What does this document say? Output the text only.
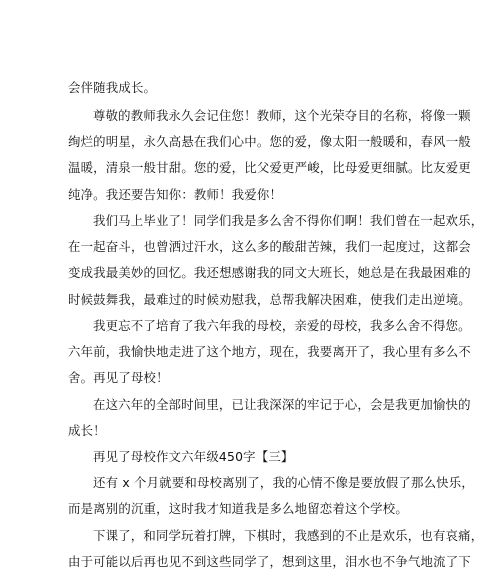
会伴随我成长。
尊敬的教师我永久会记住您！教师，这个光荣夺目的名称，将像一颗
绚烂的明星，永久高悬在我们心中。您的爱，像太阳一般暖和，春风一般
温暖，清泉一般甘甜。您的爱，比父爱更严峻，比母爱更细腻。比友爱更
纯净。我还要告知你：教师！我爱你！
我们马上毕业了！同学们我是多么舍不得你们啊！我们曾在一起欢乐，
在一起奋斗，也曾洒过汗水，这么多的酸甜苦辣，我们一起度过，这都会
变成我最美妙的回忆。我还想感谢我的同文大班长，她总是在我最困难的
时候鼓舞我，最难过的时候劝慰我，总帮我解决困难，使我们走出逆境。
我更忘不了培育了我六年我的母校，亲爱的母校，我多么舍不得您。
六年前，我愉快地走进了这个地方，现在，我要离开了，我心里有多么不
舍。再见了母校！
在这六年的全部时间里，已让我深深的牢记于心，会是我更加愉快的
成长！
再见了母校作文六年级450字【三】
还有 x 个月就要和母校离别了，我的心情不像是要放假了那么快乐，
而是离别的沉重，这时我才知道我是多么地留恋着这个学校。
下课了，和同学玩着打牌，下棋时，我感到的不止是欢乐，也有哀痛，
由于可能以后再也见不到这些同学了，想到这里，泪水也不争气地流了下
